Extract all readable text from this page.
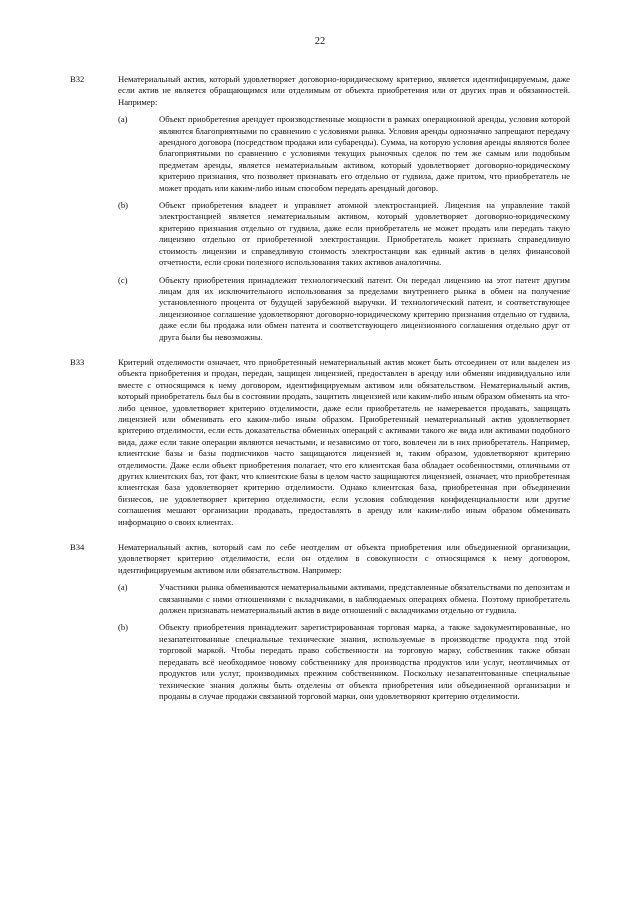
22
B32	Нематериальный актив, который удовлетворяет договорно-юридическому критерию, является идентифицируемым, даже если актив не является обращающимся или отделимым от объекта приобретения или от других прав и обязанностей. Например:

(a)	Объект приобретения арендует производственные мощности в рамках операционной аренды, условия которой являются благоприятными по сравнению с условиями рынка. Условия аренды однозначно запрещают передачу арендного договора (посредством продажи или субаренды). Сумма, на которую условия аренды являются более благоприятными по сравнению с условиями текущих рыночных сделок по тем же самым или подобным предметам аренды, является нематериальным активом, который удовлетворяет договорно-юридическому критерию признания, что позволяет признавать его отдельно от гудвила, даже притом, что приобретатель не может продать или каким-либо иным способом передать арендный договор.
(b)	Объект приобретения владеет и управляет атомной электростанцией. Лицензия на управление такой электростанцией является нематериальным активом, который удовлетворяет договорно-юридическому критерию признания отдельно от гудвила, даже если приобретатель не может продать или передать такую лицензию отдельно от приобретенной электростанции. Приобретатель может признать справедливую стоимость лицензии и справедливую стоимость электростанции как единый актив в целях финансовой отчетности, если сроки полезного использования таких активов аналогичны.
(c)	Объекту приобретения принадлежит технологический патент. Он передал лицензию на этот патент другим лицам для их исключительного использования за пределами внутреннего рынка в обмен на получение установленного процента от будущей зарубежной выручки. И технологический патент, и соответствующее лицензионное соглашение удовлетворяют договорно-юридическому критерию признания отдельно от гудвила, даже если бы продажа или обмен патента и соответствующего лицензионного соглашения отдельно друг от друга были бы невозможны.
B33	Критерий отделимости означает, что приобретенный нематериальный актив может быть отсоединен от или выделен из объекта приобретения и продан, передан, защищен лицензией, предоставлен в аренду или обменян индивидуально или вместе с относящимся к нему договором, идентифицируемым активом или обязательством. Нематериальный актив, который приобретатель был бы в состоянии продать, защитить лицензией или каким-либо иным образом обменять на что-либо ценное, удовлетворяет критерию отделимости, даже если приобретатель не намеревается продавать, защищать лицензией или обменивать его каким-либо иным образом. Приобретенный нематериальный актив удовлетворяет критерию отделимости, если есть доказательства обменных операций с активами такого же вида или активами подобного вида, даже если такие операции являются нечастыми, и независимо от того, вовлечен ли в них приобретатель. Например, клиентские базы и базы подписчиков часто защищаются лицензией и, таким образом, удовлетворяют критерию отделимости. Даже если объект приобретения полагает, что его клиентская база обладает особенностями, отличными от других клиентских баз, тот факт, что клиентские базы в целом часто защищаются лицензией, означает, что приобретенная клиентская база удовлетворяет критерию отделимости. Однако клиентская база, приобретенная при объединении бизнесов, не удовлетворяет критерию отделимости, если условия соблюдения конфиденциальности или другие соглашения мешают организации продавать, предоставлять в аренду или каким-либо иным образом обменивать информацию о своих клиентах.

B34	Нематериальный актив, который сам по себе неотделим от объекта приобретения или объединенной организации, удовлетворяет критерию отделимости, если он отделим в совокупности с относящимся к нему договором, идентифицируемым активом или обязательством. Например:

(a)	Участники рынка обмениваются нематериальными активами, представленные обязательствами по депозитам и связанными с ними отношениями с вкладчиками, в наблюдаемых операциях обмена. Поэтому приобретатель должен признавать нематериальный актив в виде отношений с вкладчиками отдельно от гудвила.
(b)	Объекту приобретения принадлежит зарегистрированная торговая марка, а также задокументированные, но незапатентованные специальные технические знания, используемые в производстве продукта под этой торговой маркой. Чтобы передать право собственности на торговую марку, собственник также обязан передавать всё необходимое новому собственнику для производства продуктов или услуг, неотличимых от продуктов или услуг, производимых прежним собственником. Поскольку незапатентованные специальные технические знания должны быть отделены от объекта приобретения или объединенной организации и проданы в случае продажи связанной торговой марки, они удовлетворяют критерию отделимости.
